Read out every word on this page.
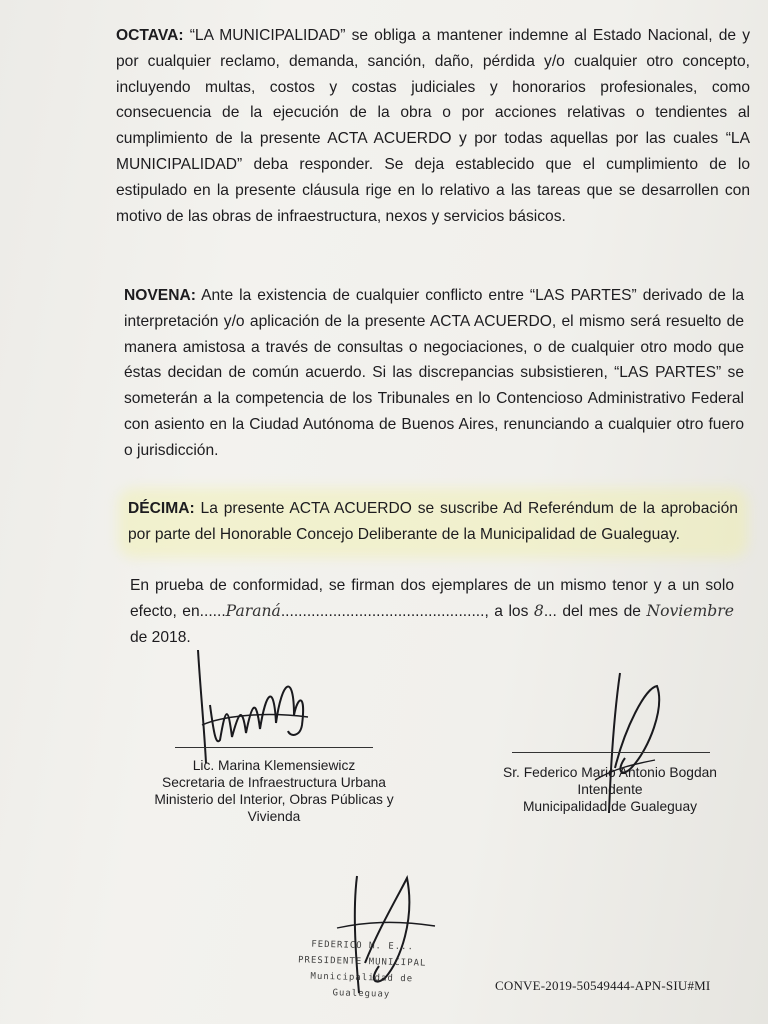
OCTAVA: “LA MUNICIPALIDAD” se obliga a mantener indemne al Estado Nacional, de y por cualquier reclamo, demanda, sanción, daño, pérdida y/o cualquier otro concepto, incluyendo multas, costos y costas judiciales y honorarios profesionales, como consecuencia de la ejecución de la obra o por acciones relativas o tendientes al cumplimiento de la presente ACTA ACUERDO y por todas aquellas por las cuales “LA MUNICIPALIDAD” deba responder. Se deja establecido que el cumplimiento de lo estipulado en la presente cláusula rige en lo relativo a las tareas que se desarrollen con motivo de las obras de infraestructura, nexos y servicios básicos.

NOVENA: Ante la existencia de cualquier conflicto entre “LAS PARTES” derivado de la interpretación y/o aplicación de la presente ACTA ACUERDO, el mismo será resuelto de manera amistosa a través de consultas o negociaciones, o de cualquier otro modo que éstas decidan de común acuerdo. Si las discrepancias subsistieren, “LAS PARTES” se someterán a la competencia de los Tribunales en lo Contencioso Administrativo Federal con asiento en la Ciudad Autónoma de Buenos Aires, renunciando a cualquier otro fuero o jurisdicción.

DÉCIMA: La presente ACTA ACUERDO se suscribe Ad Referéndum de la aprobación por parte del Honorable Concejo Deliberante de la Municipalidad de Gualeguay.

En prueba de conformidad, se firman dos ejemplares de un mismo tenor y a un solo efecto, en......Paraná..............................................., a los 8... del mes de Noviembre de 2018.

Lic. Marina Klemensiewicz
Secretaria de Infraestructura Urbana
Ministerio del Interior, Obras Públicas y
Vivienda
Sr. Federico Mario Antonio Bogdan
Intendente
Municipalidad de Gualeguay
FEDERICO M. E...
PRESIDENTE MUNICIPAL
Municipalidad de Gualeguay
CONVE-2019-50549444-APN-SIU#MI
